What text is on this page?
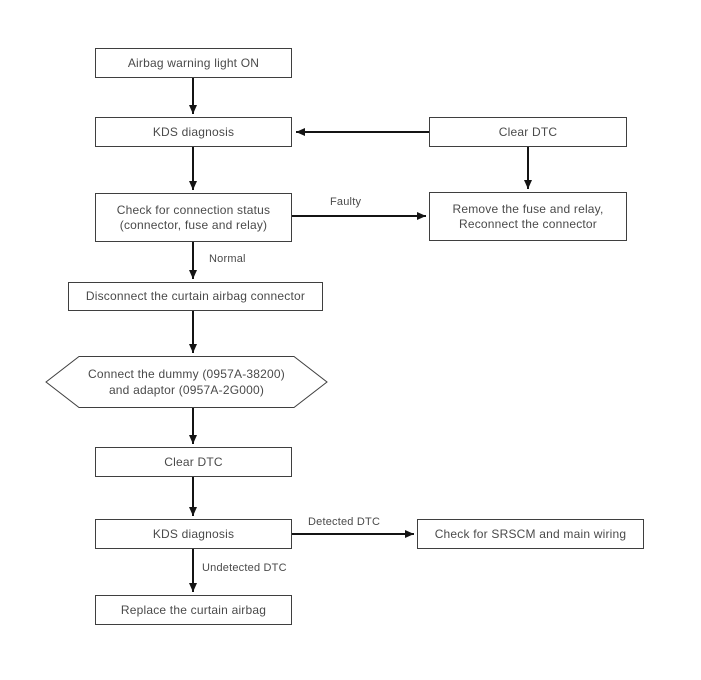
Airbag warning light ON
KDS diagnosis	Clear DTC
Check for connection status
(connector, fuse and relay)
Remove the fuse and relay,
Reconnect the connector
Disconnect the curtain airbag connector
Connect the dummy (0957A-38200)
and adaptor (0957A-2G000)
Clear DTC
KDS diagnosis	Check for SRSCM and main wiring
Replace the curtain airbag
Faulty
Normal
Detected DTC
Undetected DTC
